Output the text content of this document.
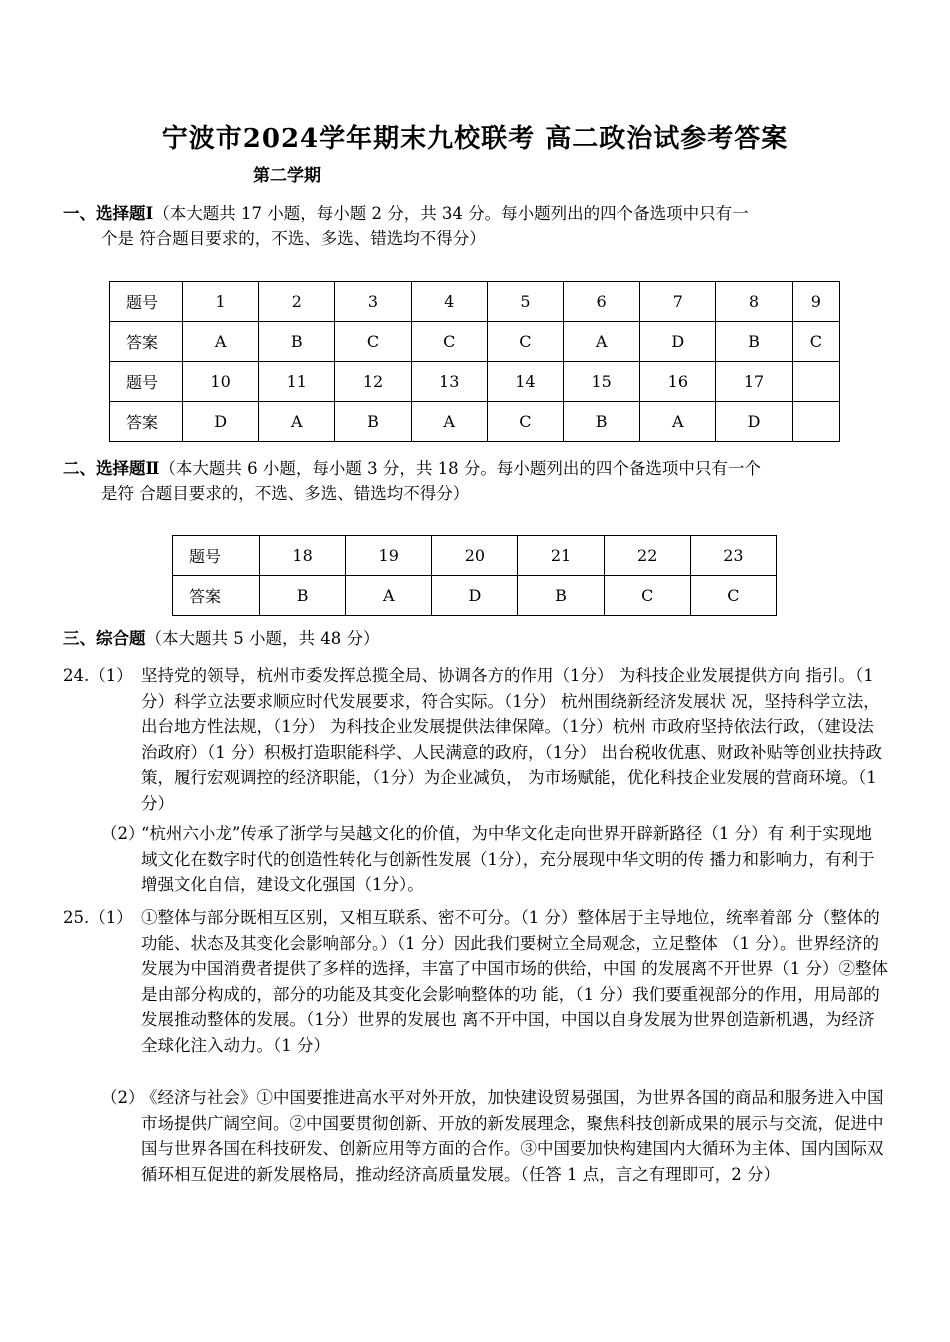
宁波市2024学年期末九校联考 高二政治试参考答案
第二学期
一、选择题Ⅰ（本大题共 17 小题，每小题 2 分，共 34 分。每小题列出的四个备选项中只有一
个是 符合题目要求的，不选、多选、错选均不得分）
题号	1	2	3	4	5	6	7	8	9
答案	A	B	C	C	C	A	D	B	C
题号	10	11	12	13	14	15	16	17	
答案	D	A	B	A	C	B	A	D	
二、选择题Ⅱ（本大题共 6 小题，每小题 3 分，共 18 分。每小题列出的四个备选项中只有一个
是符 合题目要求的，不选、多选、错选均不得分）
题号	18	19	20	21	22	23
答案	B	A	D	B	C	C
三、综合题（本大题共 5 小题，共 48 分）
24.（1） 坚持党的领导，杭州市委发挥总揽全局、协调各方的作用（1分） 为科技企业发展提供方向 指引。（1 分）科学立法要求顺应时代发展要求，符合实际。（1分） 杭州围绕新经济发展状 况，坚持科学立法，出台地方性法规，（1分） 为科技企业发展提供法律保障。（1分）杭州 市政府坚持依法行政，（建设法治政府）（1 分）积极打造职能科学、人民满意的政府，（1分） 出台税收优惠、财政补贴等创业扶持政策，履行宏观调控的经济职能，（1分）为企业减负， 为市场赋能，优化科技企业发展的营商环境。（1分）
（2）
“杭州六小龙”传承了浙学与吴越文化的价值，为中华文化走向世界开辟新路径（1 分）有 利于实现地域文化在数字时代的创造性转化与创新性发展（1分），充分展现中华文明的传 播力和影响力，有利于增强文化自信，建设文化强国（1分）。
25.（1） ①整体与部分既相互区别，又相互联系、密不可分。（1 分）整体居于主导地位，统率着部 分（整体的功能、状态及其变化会影响部分。）（1 分）因此我们要树立全局观念，立足整体 （1 分）。世界经济的发展为中国消费者提供了多样的选择，丰富了中国市场的供给，中国 的发展离不开世界（1 分）②整体是由部分构成的，部分的功能及其变化会影响整体的功 能，（1 分）我们要重视部分的作用，用局部的发展推动整体的发展。（1分）世界的发展也 离不开中国，中国以自身发展为世界创造新机遇，为经济全球化注入动力。（1 分）
（2）
《经济与社会》①中国要推进高水平对外开放，加快建设贸易强国，为世界各国的商品和服务进入中国市场提供广阔空间。②中国要贯彻创新、开放的新发展理念，聚焦科技创新成果的展示与交流，促进中国与世界各国在科技研发、创新应用等方面的合作。③中国要加快构建国内大循环为主体、国内国际双循环相互促进的新发展格局，推动经济高质量发展。（任答 1 点，言之有理即可，2 分）
